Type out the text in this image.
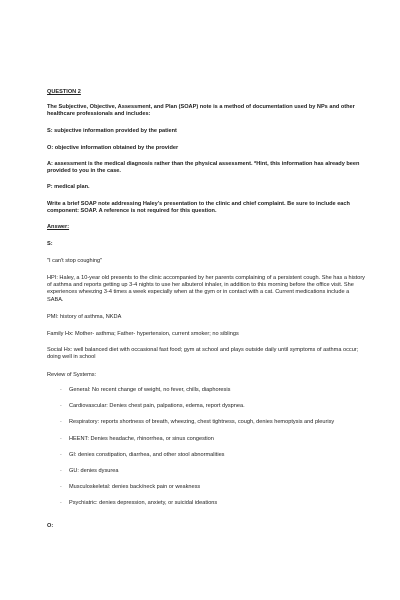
QUESTION 2
The Subjective, Objective, Assessment, and Plan (SOAP) note is a method of documentation used by NPs and other healthcare professionals and includes:
S: subjective information provided by the patient
O: objective information obtained by the provider
A: assessment is the medical diagnosis rather than the physical assessment. *Hint, this information has already been provided to you in the case.
P: medical plan.
Write a brief SOAP note addressing Haley's presentation to the clinic and chief complaint. Be sure to include each component: SOAP. A reference is not required for this question.
Answer:
S:
"I can't stop coughing"
HPI: Haley, a 10-year old presents to the clinic accompanied by her parents complaining of a persistent cough. She has a history of asthma and reports getting up 3-4 nights to use her albuterol inhaler, in addition to this morning before the office visit. She experiences wheezing 3-4 times a week especially when at the gym or in contact with a cat. Current medications include a SABA.
PMI: history of asthma, NKDA
Family Hx: Mother- asthma; Father- hypertension, current smoker; no siblings
Social Hx: well balanced diet with occasional fast food; gym at school and plays outside daily until symptoms of asthma occur; doing well in school
Review of Systems:
· General: No recent change of weight, no fever, chills, diaphoresis
· Cardiovascular: Denies chest pain, palpations, edema, report dyspnea.
· Respiratory: reports shortness of breath, wheezing, chest tightness, cough, denies hemoptysis and pleurisy
· HEENT: Denies headache, rhinorrhea, or sinus congestion
· GI: denies constipation, diarrhea, and other stool abnormalities
· GU: denies dysurea
· Musculoskeletal: denies back/neck pain or weakness
· Psychiatric: denies depression, anxiety, or suicidal ideations
O:
